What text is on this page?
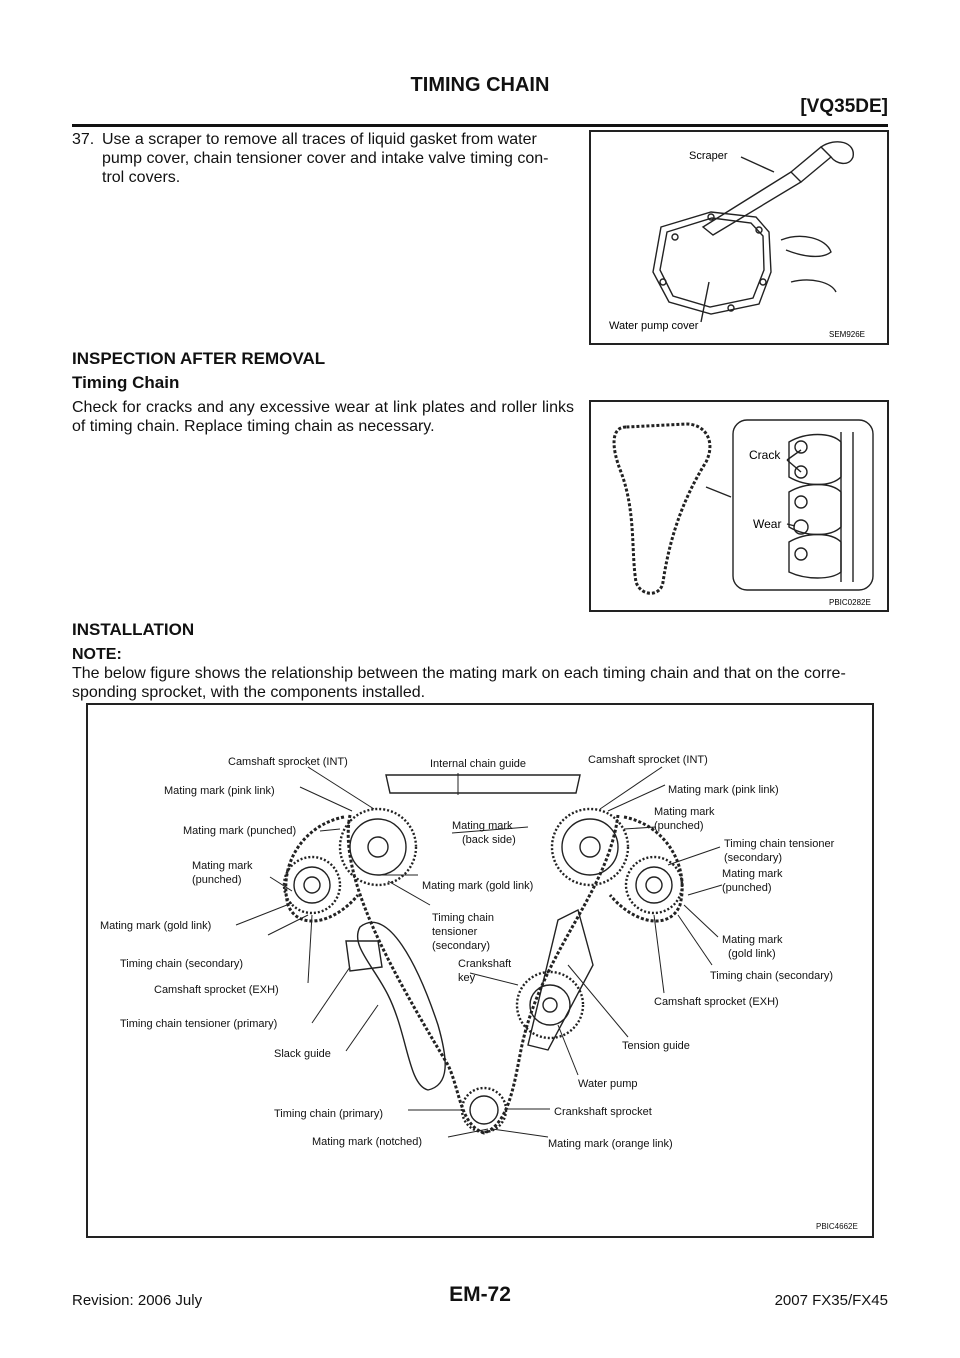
TIMING CHAIN
[VQ35DE]
37. Use a scraper to remove all traces of liquid gasket from water
pump cover, chain tensioner cover and intake valve timing con-
trol covers.
Scraper
Water pump cover
SEM926E
INSPECTION AFTER REMOVAL
Timing Chain
Check for cracks and any excessive wear at link plates and roller links of timing chain. Replace timing chain as necessary.
Crack
Wear
PBIC0282E
INSTALLATION
NOTE:
The below figure shows the relationship between the mating mark on each timing chain and that on the corre-sponding sprocket, with the components installed.
Camshaft sprocket (INT)	Internal chain guide	Camshaft sprocket (INT)
Mating mark (pink link)	Mating mark (pink link)
Mating mark (punched)	Mating mark
(back side)
Mating mark
(punched)
Timing chain tensioner
(secondary)
Mating mark
(punched)	Mating mark (gold link)
Mating mark
(punched)
Mating mark (gold link)
Timing chain
tensioner
(secondary)	Mating mark
(gold link)
Timing chain (secondary)	Crankshaft
key	Timing chain (secondary)
Camshaft sprocket (EXH)
Camshaft sprocket (EXH)
Timing chain tensioner (primary)
Tension guide
Slack guide
Water pump
Timing chain (primary)	Crankshaft sprocket
Mating mark (notched)	Mating mark (orange link)
PBIC4662E
Revision: 2006 July	EM-72	2007 FX35/FX45
